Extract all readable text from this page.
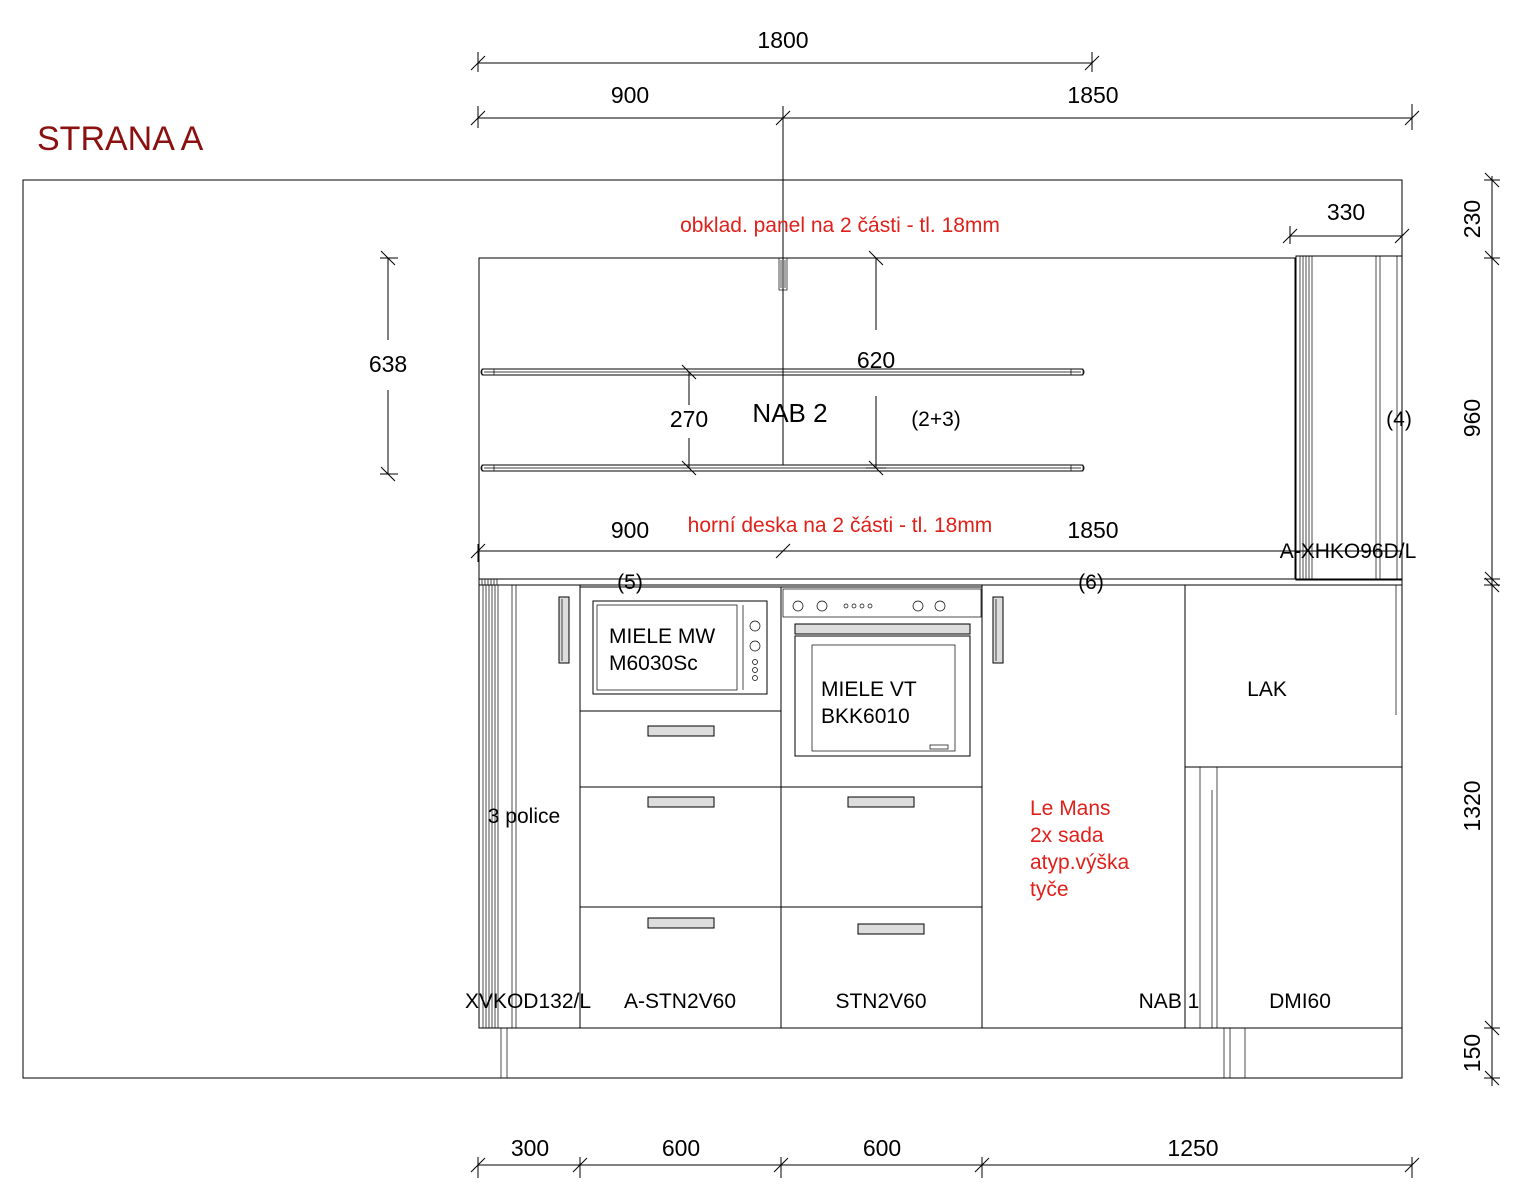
STRANA A
1800
900	1850
obklad. panel na 2 části - tl. 18mm
638	620
270 NAB 2	(2+3)	(4)
330
900	1850
horní deska na 2 části - tl. 18mm
A-XHKO96D/L
(5)	(6)
3 police
MIELE MW
M6030Sc
MIELE VT
BKK6010
Le Mans
2x sada
atyp.výška
tyče
LAK
XVKOD132/L A-STN2V60	STN2V60	NAB 1	DMI60
300	600	600	1250
230
960
1320
150
